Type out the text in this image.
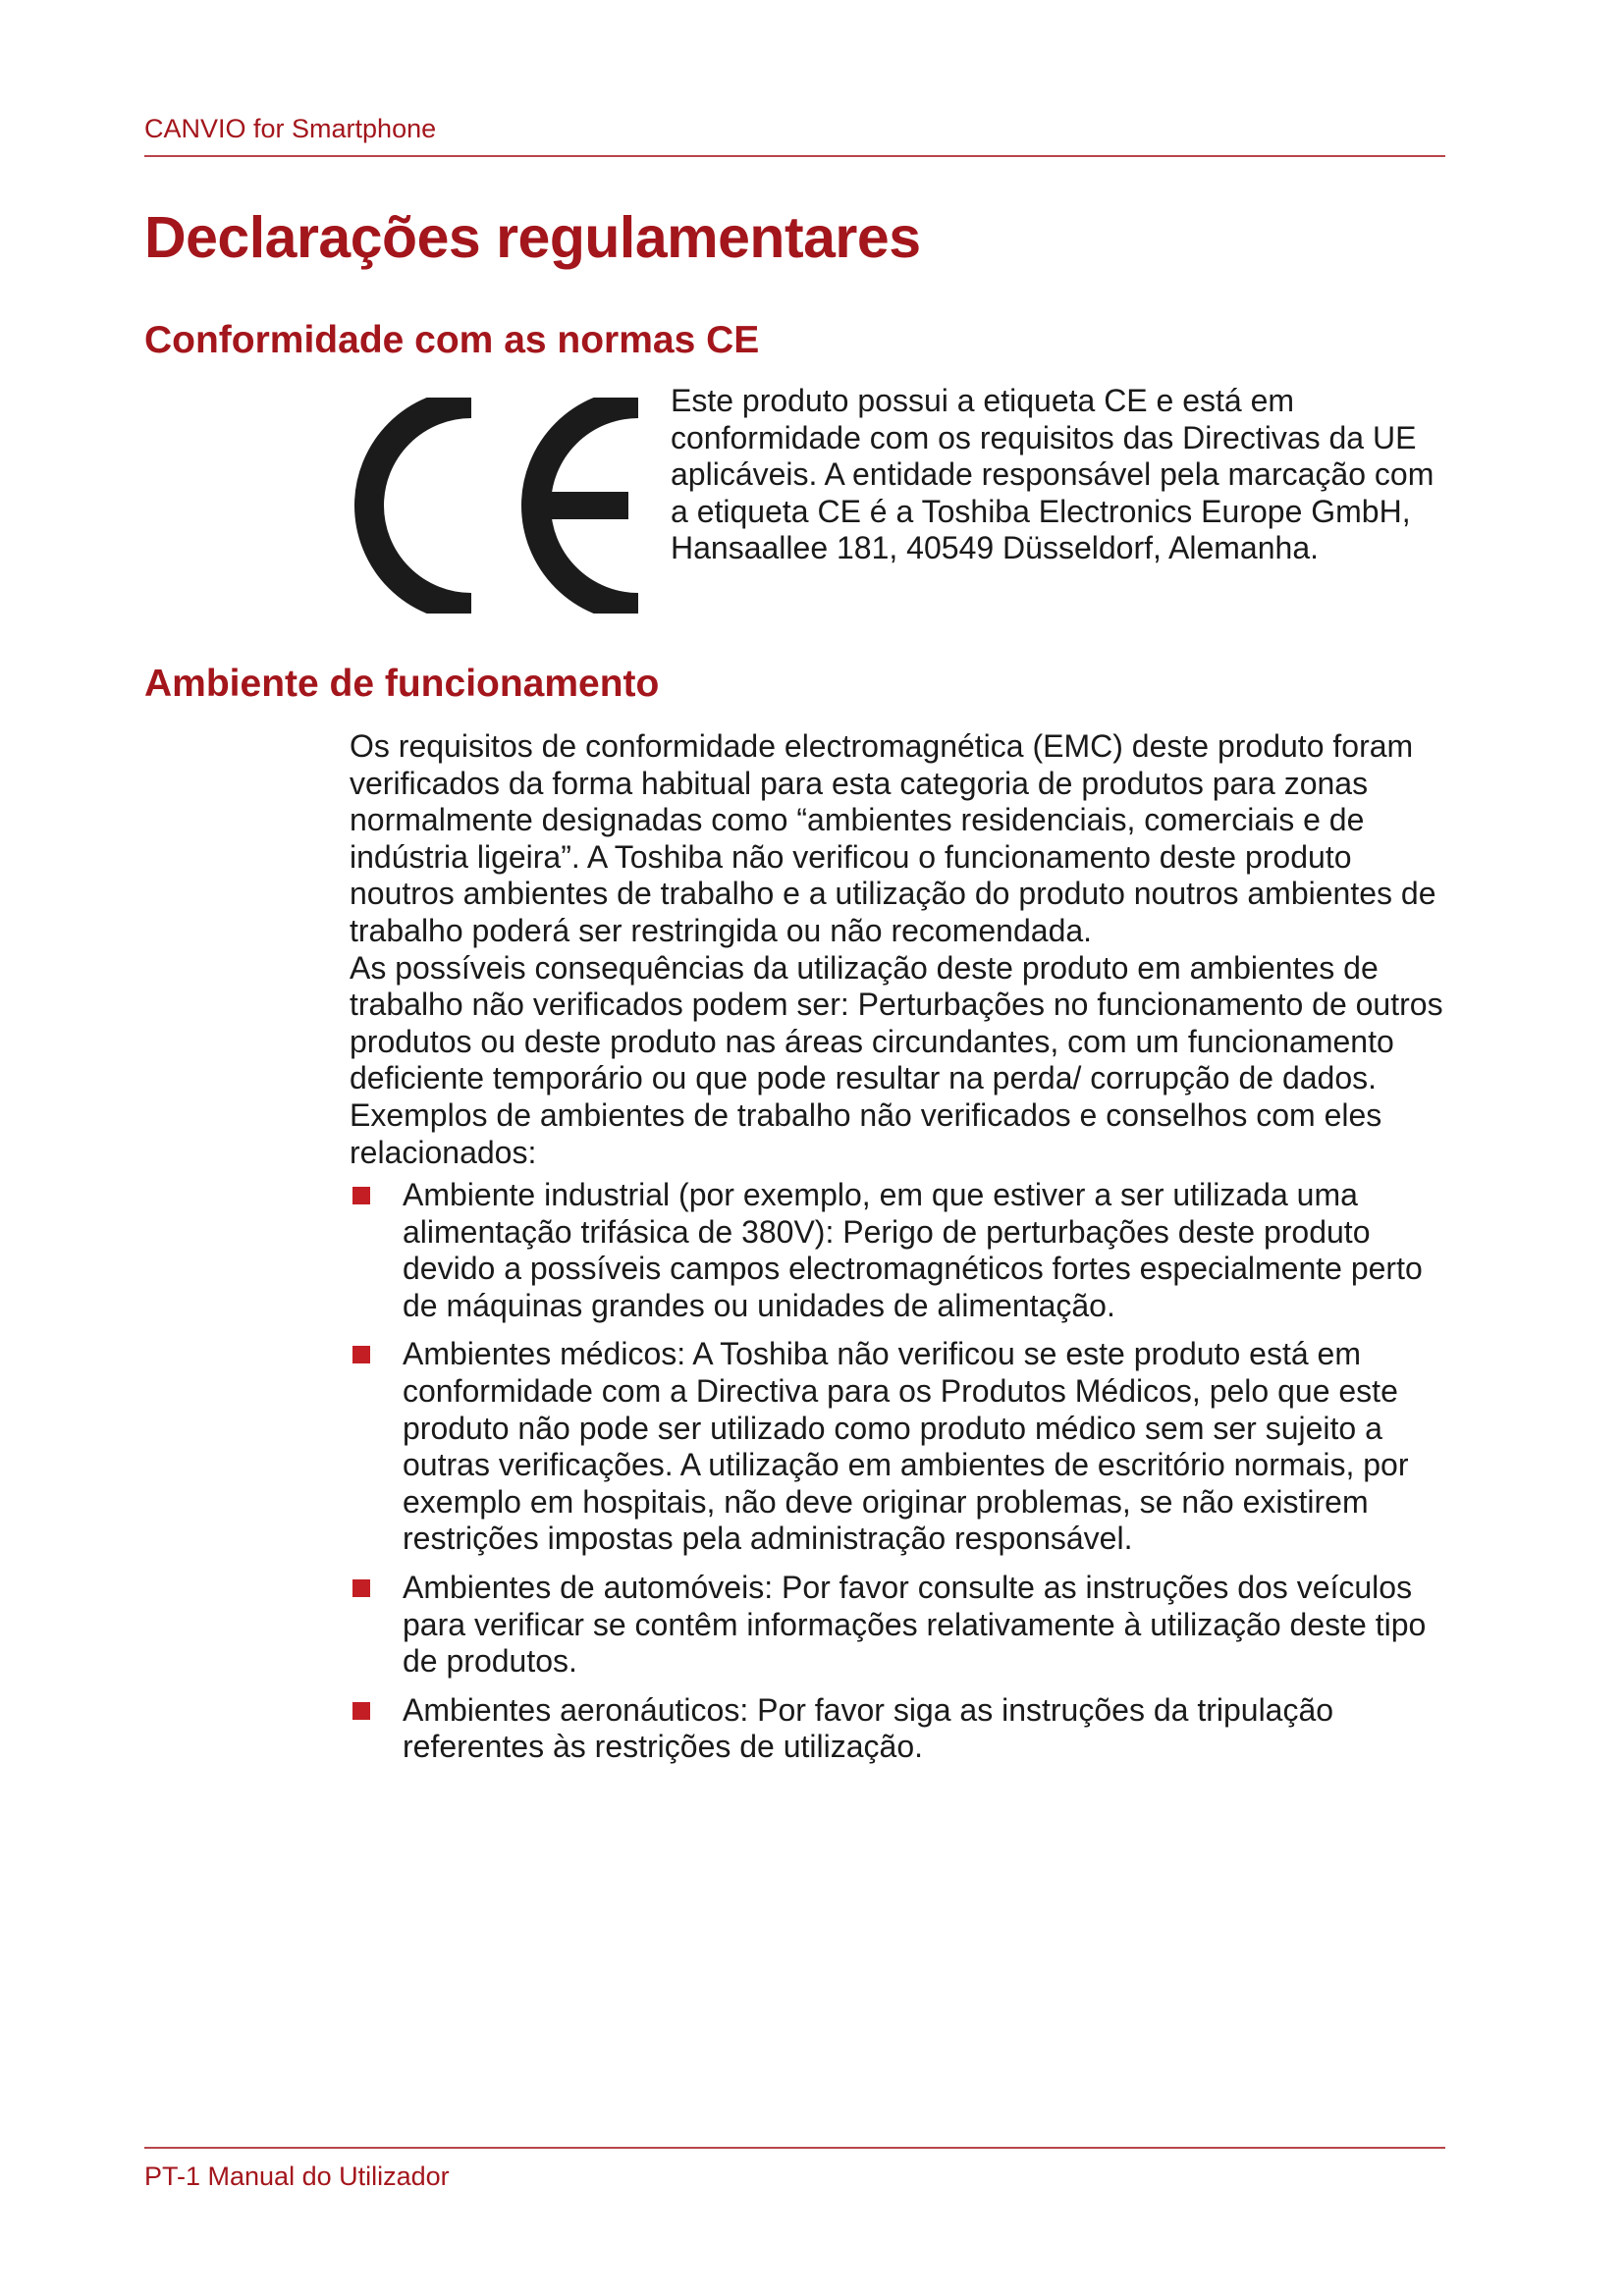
CANVIO for Smartphone
Declarações regulamentares
Conformidade com as normas CE

Este produto possui a etiqueta CE e está em conformidade com os requisitos das Directivas da UE aplicáveis. A entidade responsável pela marcação com a etiqueta CE é a Toshiba Electronics Europe GmbH, Hansaallee 181, 40549 Düsseldorf, Alemanha.

Ambiente de funcionamento

Os requisitos de conformidade electromagnética (EMC) deste produto foram verificados da forma habitual para esta categoria de produtos para zonas normalmente designadas como “ambientes residenciais, comerciais e de indústria ligeira”. A Toshiba não verificou o funcionamento deste produto noutros ambientes de trabalho e a utilização do produto noutros ambientes de trabalho poderá ser restringida ou não recomendada.

As possíveis consequências da utilização deste produto em ambientes de trabalho não verificados podem ser: Perturbações no funcionamento de outros produtos ou deste produto nas áreas circundantes, com um funcionamento deficiente temporário ou que pode resultar na perda/ corrupção de dados. Exemplos de ambientes de trabalho não verificados e conselhos com eles relacionados:

Ambiente industrial (por exemplo, em que estiver a ser utilizada uma alimentação trifásica de 380V): Perigo de perturbações deste produto devido a possíveis campos electromagnéticos fortes especialmente perto de máquinas grandes ou unidades de alimentação.
Ambientes médicos: A Toshiba não verificou se este produto está em conformidade com a Directiva para os Produtos Médicos, pelo que este produto não pode ser utilizado como produto médico sem ser sujeito a outras verificações. A utilização em ambientes de escritório normais, por exemplo em hospitais, não deve originar problemas, se não existirem restrições impostas pela administração responsável.
Ambientes de automóveis: Por favor consulte as instruções dos veículos para verificar se contêm informações relativamente à utilização deste tipo de produtos.
Ambientes aeronáuticos: Por favor siga as instruções da tripulação referentes às restrições de utilização.
PT-1 Manual do Utilizador
